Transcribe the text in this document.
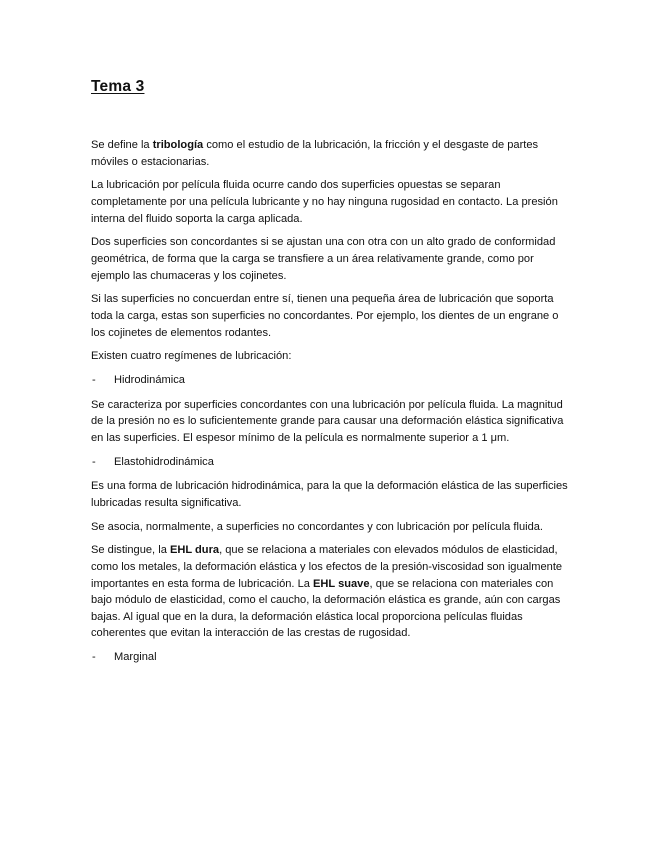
Tema 3

Se define la tribología como el estudio de la lubricación, la fricción y el desgaste de partes móviles o estacionarias.

La lubricación por película fluida ocurre cando dos superficies opuestas se separan completamente por una película lubricante y no hay ninguna rugosidad en contacto. La presión interna del fluido soporta la carga aplicada.

Dos superficies son concordantes si se ajustan una con otra con un alto grado de conformidad geométrica, de forma que la carga se transfiere a un área relativamente grande, como por ejemplo las chumaceras y los cojinetes.

Si las superficies no concuerdan entre sí, tienen una pequeña área de lubricación que soporta toda la carga, estas son superficies no concordantes. Por ejemplo, los dientes de un engrane o los cojinetes de elementos rodantes.

Existen cuatro regímenes de lubricación:

-	Hidrodinámica

Se caracteriza por superficies concordantes con una lubricación por película fluida. La magnitud de la presión no es lo suficientemente grande para causar una deformación elástica significativa en las superficies. El espesor mínimo de la película es normalmente superior a 1 μm.

-	Elastohidrodinámica

Es una forma de lubricación hidrodinámica, para la que la deformación elástica de las superficies lubricadas resulta significativa.

Se asocia, normalmente, a superficies no concordantes y con lubricación por película fluida.

Se distingue, la EHL dura, que se relaciona a materiales con elevados módulos de elasticidad, como los metales, la deformación elástica y los efectos de la presión-viscosidad son igualmente importantes en esta forma de lubricación. La EHL suave, que se relaciona con materiales con bajo módulo de elasticidad, como el caucho, la deformación elástica es grande, aún con cargas bajas. Al igual que en la dura, la deformación elástica local proporciona películas fluidas coherentes que evitan la interacción de las crestas de rugosidad.

-	Marginal
